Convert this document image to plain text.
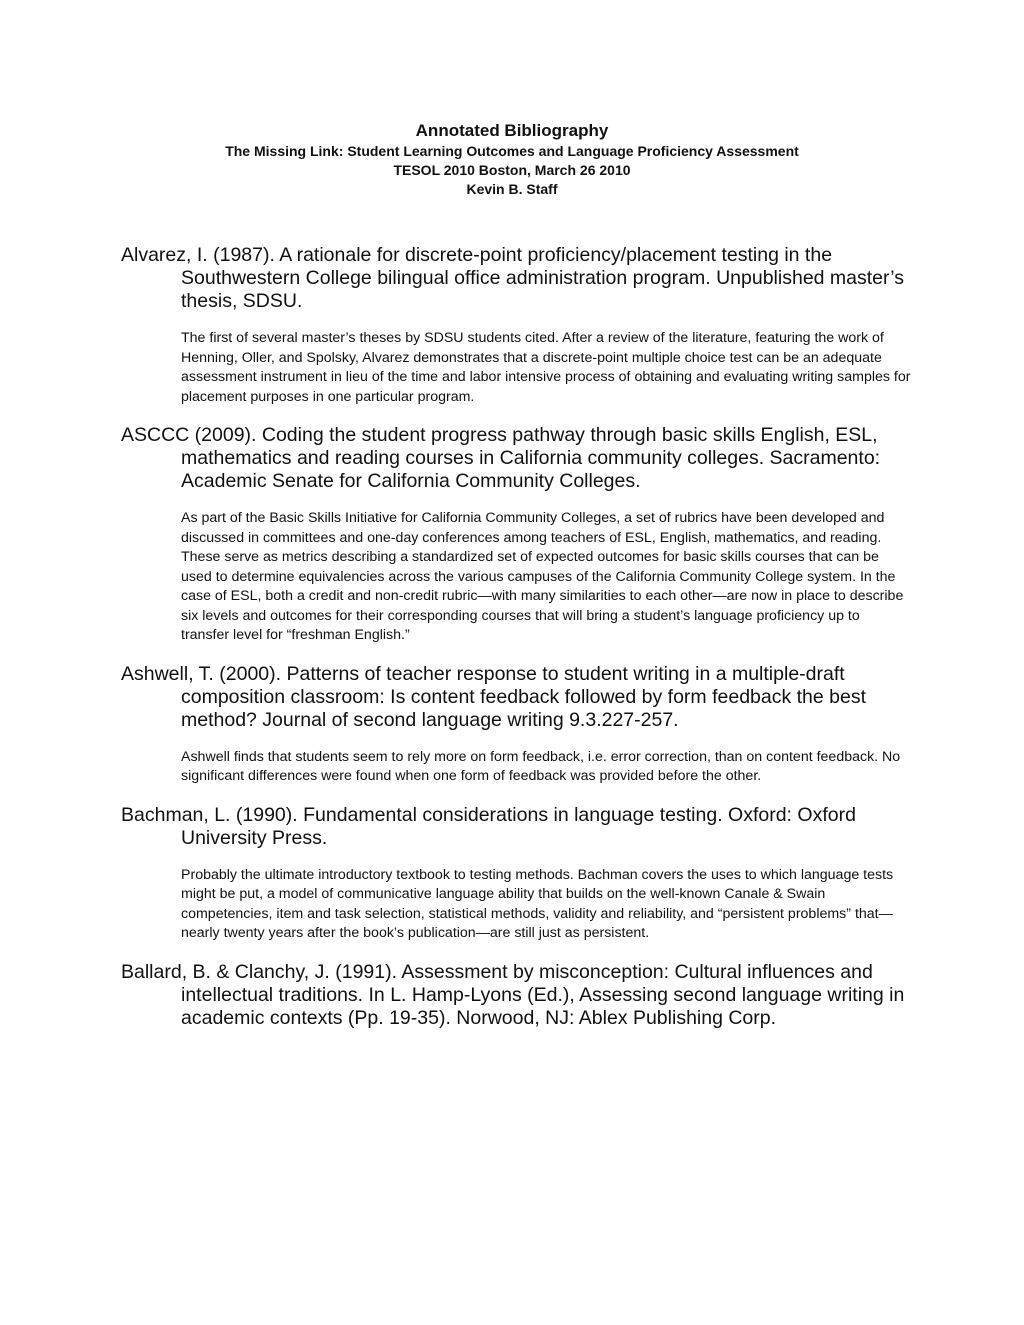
Annotated Bibliography

The Missing Link: Student Learning Outcomes and Language Proficiency Assessment

TESOL 2010 Boston, March 26 2010

Kevin B. Staff

Alvarez, I. (1987). A rationale for discrete-point proficiency/placement testing in the Southwestern College bilingual office administration program. Unpublished master’s thesis, SDSU.

The first of several master’s theses by SDSU students cited. After a review of the literature, featuring the work of Henning, Oller, and Spolsky, Alvarez demonstrates that a discrete-point multiple choice test can be an adequate assessment instrument in lieu of the time and labor intensive process of obtaining and evaluating writing samples for placement purposes in one particular program.

ASCCC (2009). Coding the student progress pathway through basic skills English, ESL, mathematics and reading courses in California community colleges. Sacramento: Academic Senate for California Community Colleges.

As part of the Basic Skills Initiative for California Community Colleges, a set of rubrics have been developed and discussed in committees and one-day conferences among teachers of ESL, English, mathematics, and reading. These serve as metrics describing a standardized set of expected outcomes for basic skills courses that can be used to determine equivalencies across the various campuses of the California Community College system. In the case of ESL, both a credit and non-credit rubric—with many similarities to each other—are now in place to describe six levels and outcomes for their corresponding courses that will bring a student’s language proficiency up to transfer level for “freshman English.”

Ashwell, T. (2000). Patterns of teacher response to student writing in a multiple-draft composition classroom: Is content feedback followed by form feedback the best method? Journal of second language writing 9.3.227-257.

Ashwell finds that students seem to rely more on form feedback, i.e. error correction, than on content feedback. No significant differences were found when one form of feedback was provided before the other.

Bachman, L. (1990). Fundamental considerations in language testing. Oxford: Oxford University Press.

Probably the ultimate introductory textbook to testing methods. Bachman covers the uses to which language tests might be put, a model of communicative language ability that builds on the well-known Canale & Swain competencies, item and task selection, statistical methods, validity and reliability, and “persistent problems” that—nearly twenty years after the book’s publication—are still just as persistent.

Ballard, B. & Clanchy, J. (1991). Assessment by misconception: Cultural influences and intellectual traditions. In L. Hamp-Lyons (Ed.), Assessing second language writing in academic contexts (Pp. 19-35). Norwood, NJ: Ablex Publishing Corp.
